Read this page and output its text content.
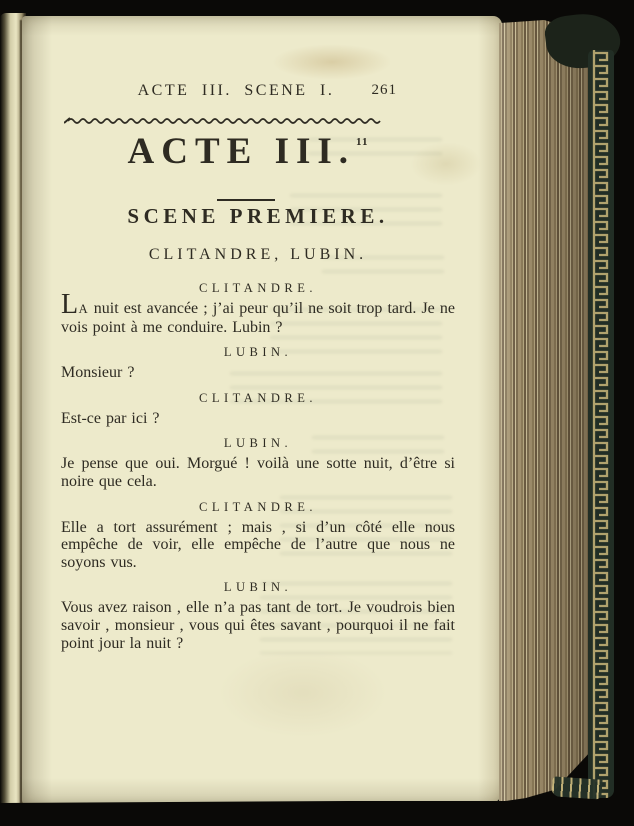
ACTE III. SCENE I. 261
ACTE III.$^{11}$
SCENE PREMIERE.
CLITANDRE, LUBIN.
CLITANDRE.

LA nuit est avancée ; j’ai peur qu’il ne soit trop tard. Je ne vois point à me conduire. Lubin ?

LUBIN.

Monsieur ?

CLITANDRE.

Est-ce par ici ?

LUBIN.

Je pense que oui. Morgué ! voilà une sotte nuit, d’être si noire que cela.

CLITANDRE.

Elle a tort assurément ; mais , si d’un côté elle nous empêche de voir, elle empêche de l’autre que nous ne soyons vus.

LUBIN.

Vous avez raison , elle n’a pas tant de tort. Je voudrois bien savoir , monsieur , vous qui êtes savant , pourquoi il ne fait point jour la nuit ?
